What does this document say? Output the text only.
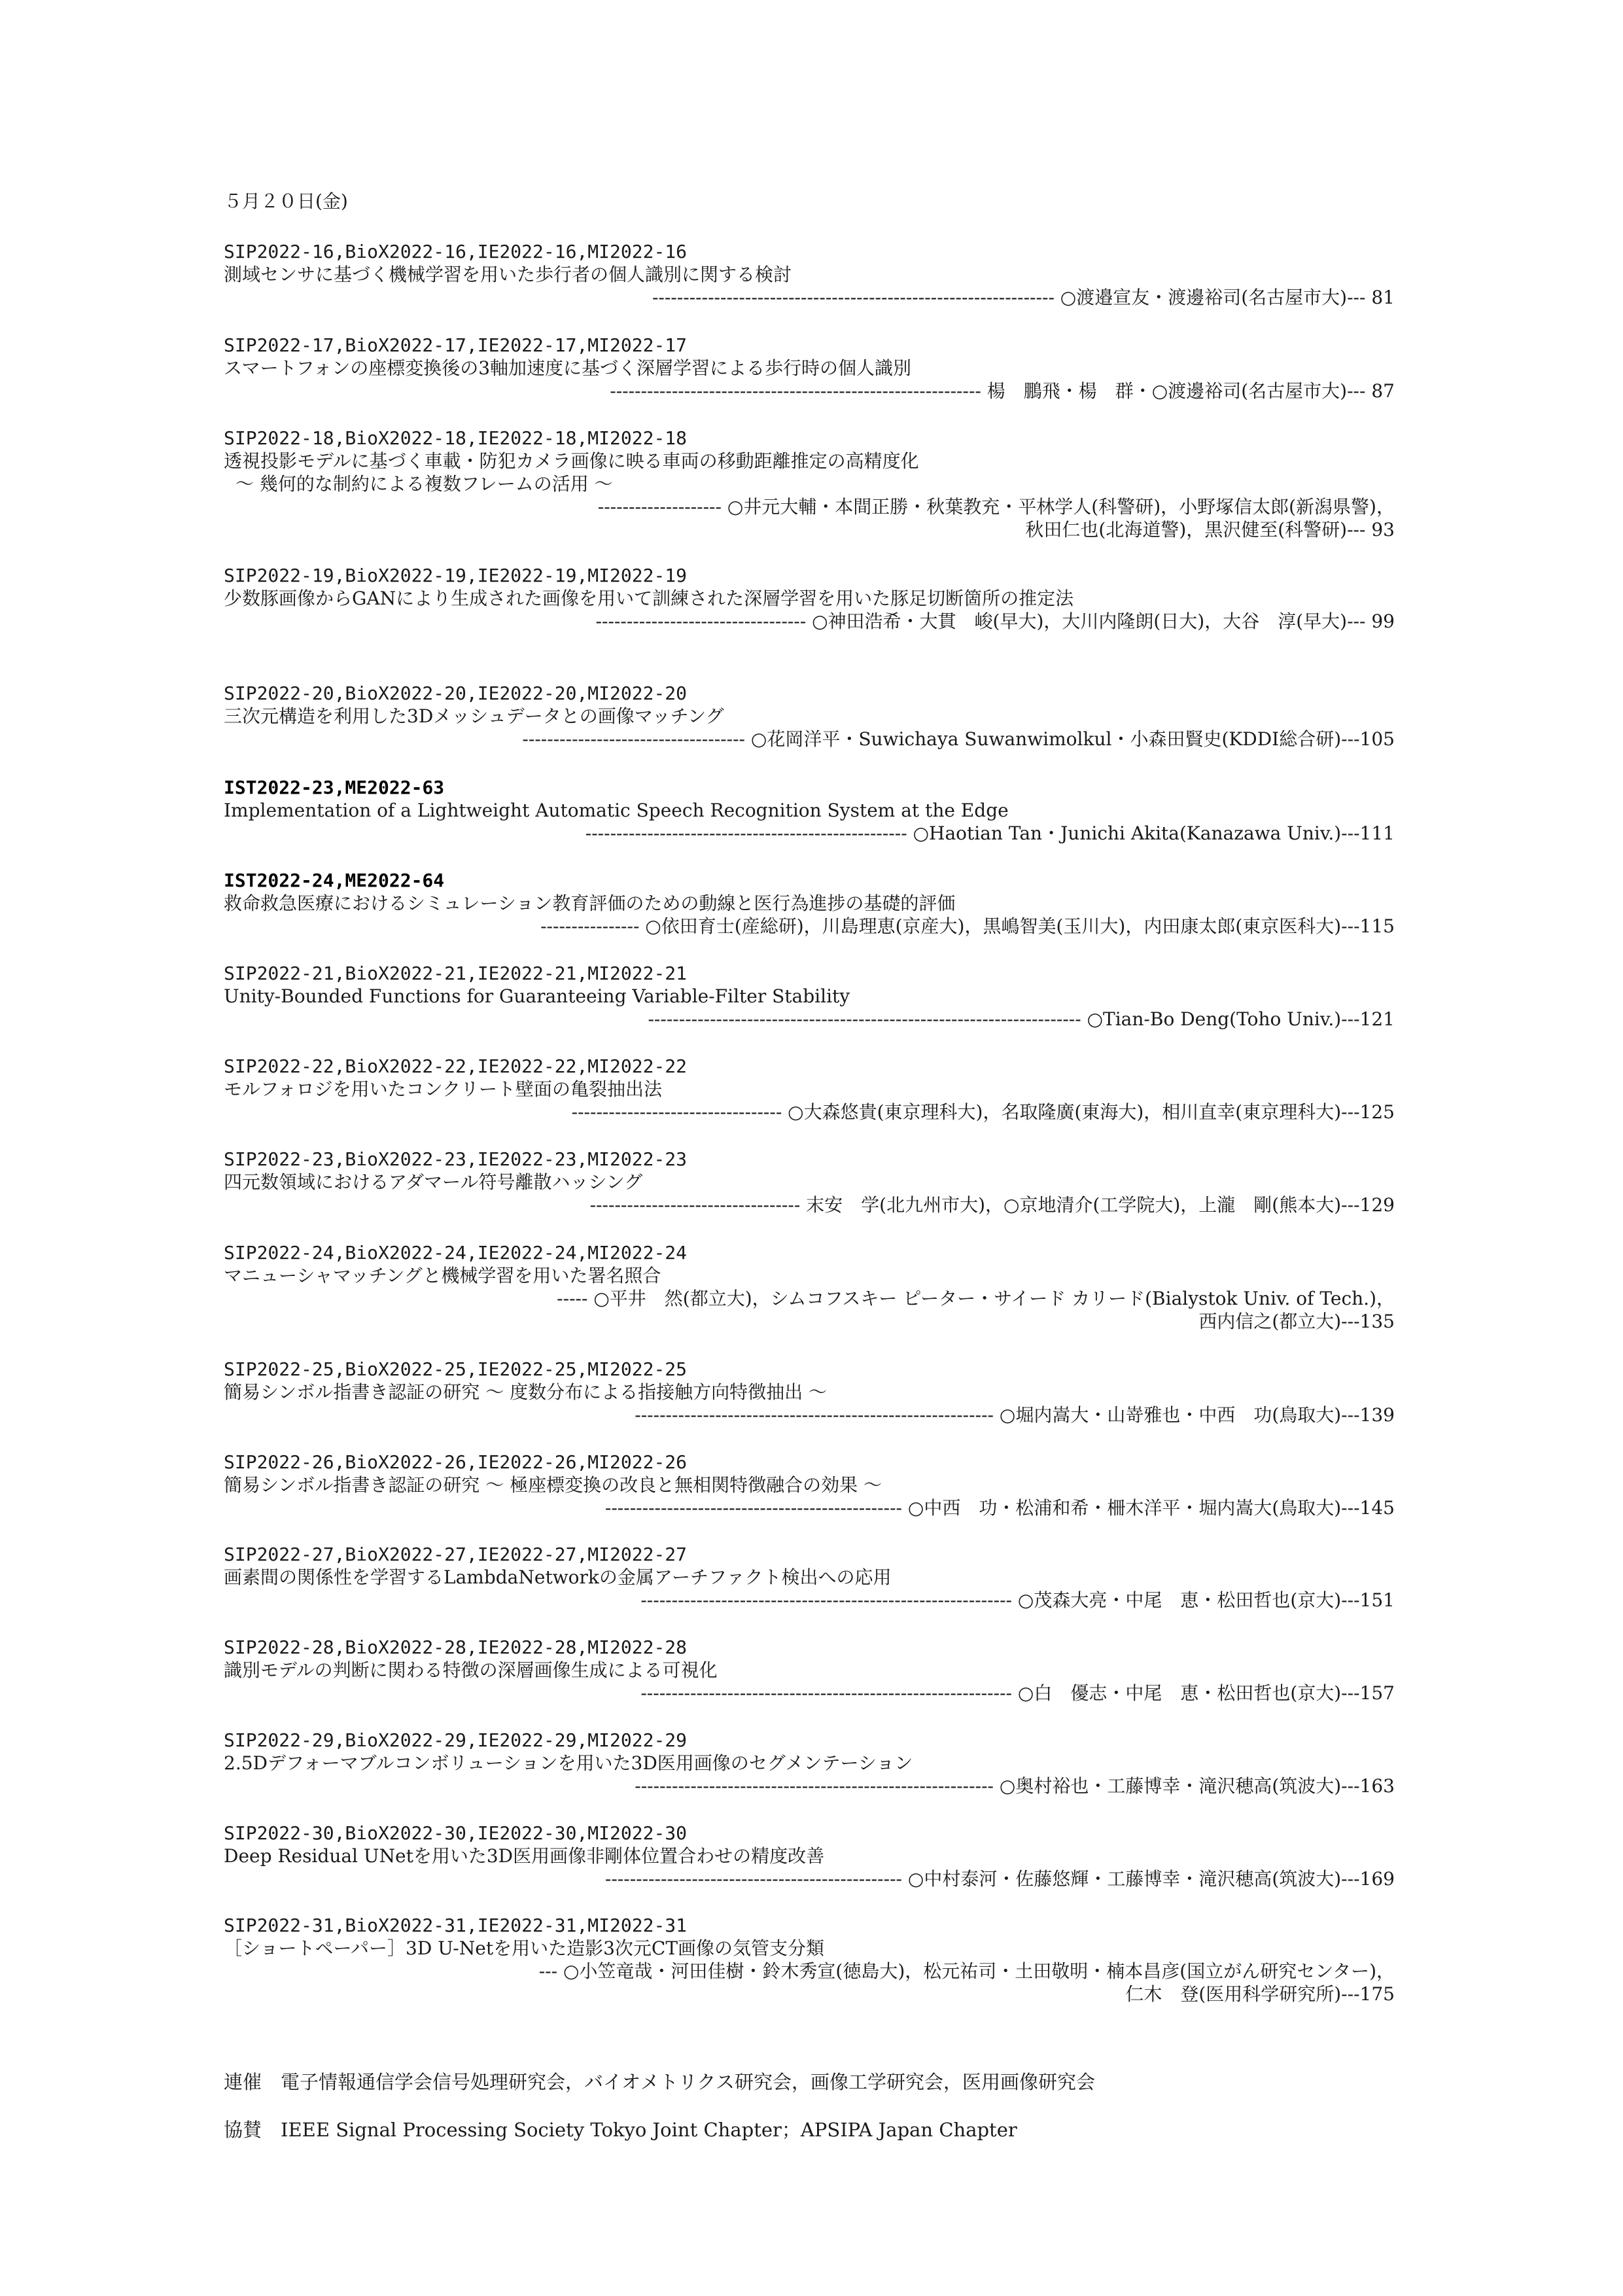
５月２０日(金)
SIP2022-16,BioX2022-16,IE2022-16,MI2022-16
測域センサに基づく機械学習を用いた歩行者の個人識別に関する検討
----------------------------------------------------------------- ○渡邉宣友・渡邊裕司(名古屋市大)--- 81
SIP2022-17,BioX2022-17,IE2022-17,MI2022-17
スマートフォンの座標変換後の3軸加速度に基づく深層学習による歩行時の個人識別
------------------------------------------------------------ 楊　鵬飛・楊　群・○渡邊裕司(名古屋市大)--- 87
SIP2022-18,BioX2022-18,IE2022-18,MI2022-18
透視投影モデルに基づく車載・防犯カメラ画像に映る車両の移動距離推定の高精度化
～ 幾何的な制約による複数フレームの活用 ～
-------------------- ○井元大輔・本間正勝・秋葉教充・平林学人(科警研)，小野塚信太郎(新潟県警)，
秋田仁也(北海道警)，黒沢健至(科警研)--- 93
SIP2022-19,BioX2022-19,IE2022-19,MI2022-19
少数豚画像からGANにより生成された画像を用いて訓練された深層学習を用いた豚足切断箇所の推定法
---------------------------------- ○神田浩希・大貫　峻(早大)，大川内隆朗(日大)，大谷　淳(早大)--- 99
SIP2022-20,BioX2022-20,IE2022-20,MI2022-20
三次元構造を利用した3Dメッシュデータとの画像マッチング
------------------------------------ ○花岡洋平・Suwichaya Suwanwimolkul・小森田賢史(KDDI総合研)---105
IST2022-23,ME2022-63
Implementation of a Lightweight Automatic Speech Recognition System at the Edge
---------------------------------------------------- ○Haotian Tan・Junichi Akita(Kanazawa Univ.)---111
IST2022-24,ME2022-64
救命救急医療におけるシミュレーション教育評価のための動線と医行為進捗の基礎的評価
---------------- ○依田育士(産総研)，川島理恵(京産大)，黒嶋智美(玉川大)，内田康太郎(東京医科大)---115
SIP2022-21,BioX2022-21,IE2022-21,MI2022-21
Unity-Bounded Functions for Guaranteeing Variable-Filter Stability
---------------------------------------------------------------------- ○Tian-Bo Deng(Toho Univ.)---121
SIP2022-22,BioX2022-22,IE2022-22,MI2022-22
モルフォロジを用いたコンクリート壁面の亀裂抽出法
---------------------------------- ○大森悠貴(東京理科大)，名取隆廣(東海大)，相川直幸(東京理科大)---125
SIP2022-23,BioX2022-23,IE2022-23,MI2022-23
四元数領域におけるアダマール符号離散ハッシング
---------------------------------- 末安　学(北九州市大)，○京地清介(工学院大)，上瀧　剛(熊本大)---129
SIP2022-24,BioX2022-24,IE2022-24,MI2022-24
マニューシャマッチングと機械学習を用いた署名照合
----- ○平井　然(都立大)，シムコフスキー ピーター・サイード カリード(Bialystok Univ. of Tech.)，
西内信之(都立大)---135
SIP2022-25,BioX2022-25,IE2022-25,MI2022-25
簡易シンボル指書き認証の研究 ～ 度数分布による指接触方向特徴抽出 ～
---------------------------------------------------------- ○堀内嵩大・山嵜雅也・中西　功(鳥取大)---139
SIP2022-26,BioX2022-26,IE2022-26,MI2022-26
簡易シンボル指書き認証の研究 ～ 極座標変換の改良と無相関特徴融合の効果 ～
------------------------------------------------ ○中西　功・松浦和希・柵木洋平・堀内嵩大(鳥取大)---145
SIP2022-27,BioX2022-27,IE2022-27,MI2022-27
画素間の関係性を学習するLambdaNetworkの金属アーチファクト検出への応用
------------------------------------------------------------ ○茂森大亮・中尾　恵・松田哲也(京大)---151
SIP2022-28,BioX2022-28,IE2022-28,MI2022-28
識別モデルの判断に関わる特徴の深層画像生成による可視化
------------------------------------------------------------ ○白　優志・中尾　恵・松田哲也(京大)---157
SIP2022-29,BioX2022-29,IE2022-29,MI2022-29
2.5Dデフォーマブルコンボリューションを用いた3D医用画像のセグメンテーション
---------------------------------------------------------- ○奥村裕也・工藤博幸・滝沢穂高(筑波大)---163
SIP2022-30,BioX2022-30,IE2022-30,MI2022-30
Deep Residual UNetを用いた3D医用画像非剛体位置合わせの精度改善
------------------------------------------------ ○中村泰河・佐藤悠輝・工藤博幸・滝沢穂高(筑波大)---169
SIP2022-31,BioX2022-31,IE2022-31,MI2022-31
［ショートペーパー］3D U-Netを用いた造影3次元CT画像の気管支分類
--- ○小笠竜哉・河田佳樹・鈴木秀宣(徳島大)，松元祐司・土田敬明・楠本昌彦(国立がん研究センター)，
仁木　登(医用科学研究所)---175
連催　 電子情報通信学会信号処理研究会，バイオメトリクス研究会，画像工学研究会，医用画像研究会
協賛　 IEEE Signal Processing Society Tokyo Joint Chapter；APSIPA Japan Chapter
